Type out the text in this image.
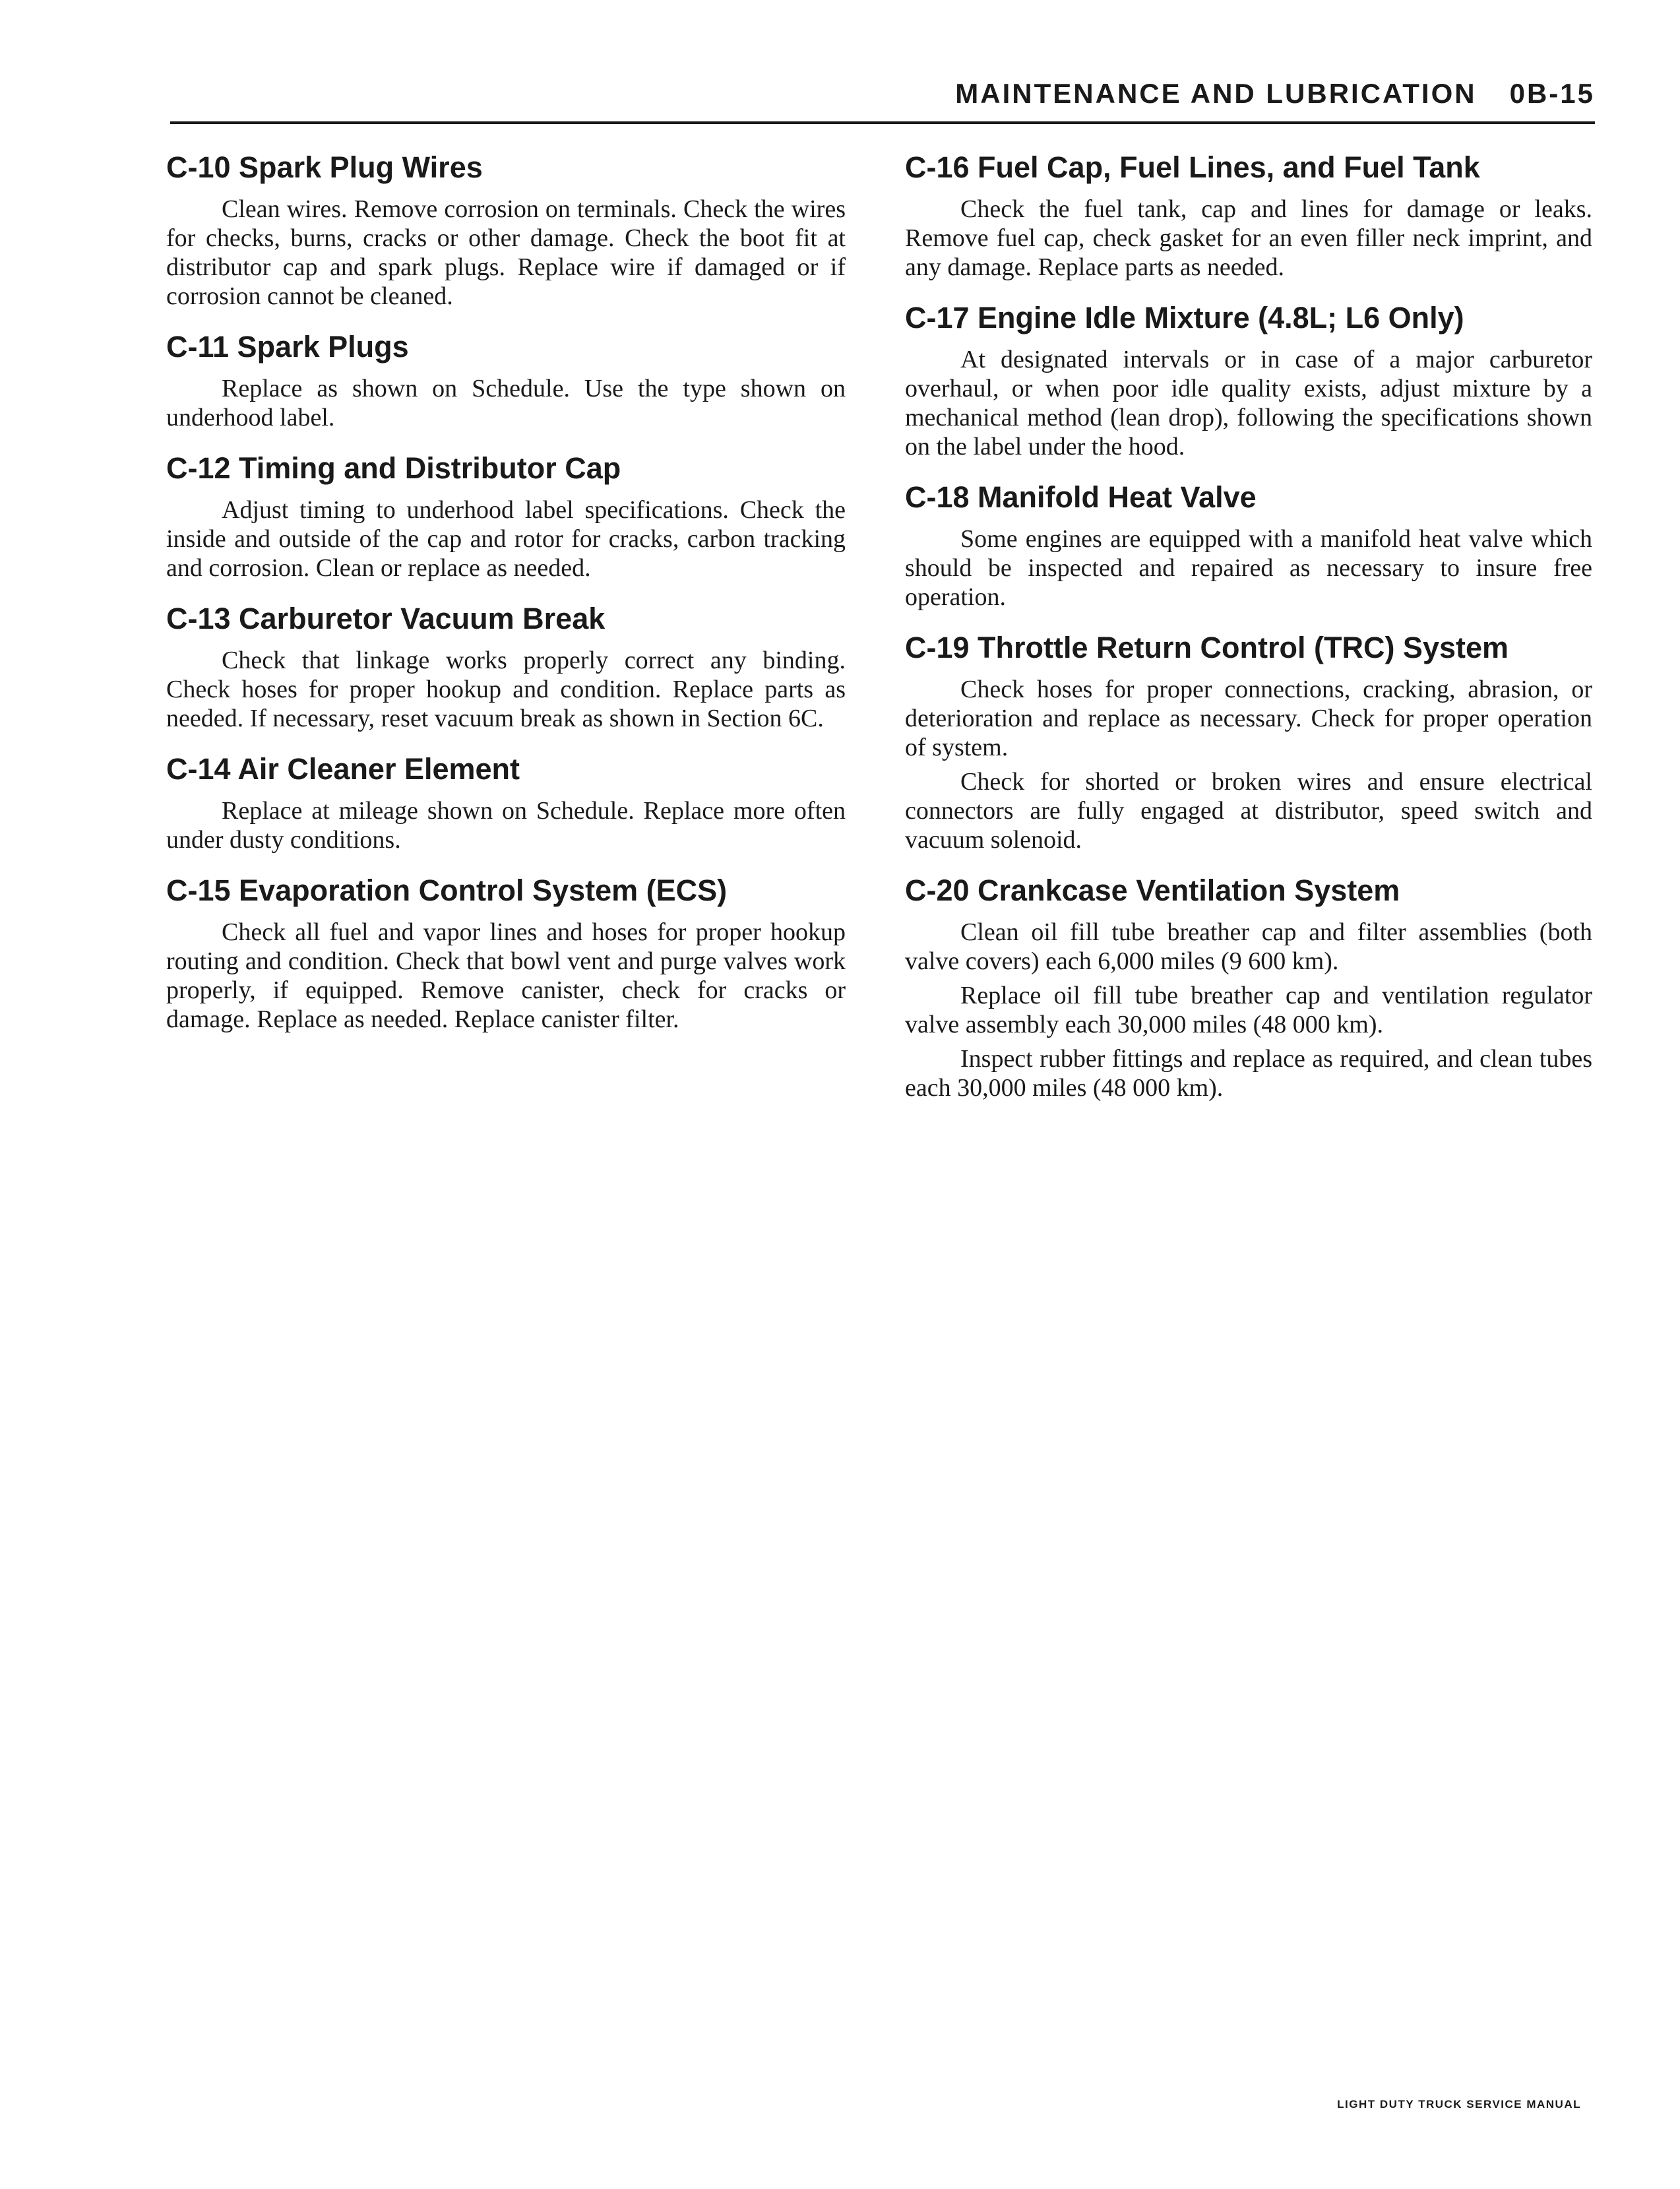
MAINTENANCE AND LUBRICATION 0B-15
C-10 Spark Plug Wires

Clean wires. Remove corrosion on terminals. Check the wires for checks, burns, cracks or other damage. Check the boot fit at distributor cap and spark plugs. Replace wire if damaged or if corrosion cannot be cleaned.

C-11 Spark Plugs

Replace as shown on Schedule. Use the type shown on underhood label.

C-12 Timing and Distributor Cap

Adjust timing to underhood label specifications. Check the inside and outside of the cap and rotor for cracks, carbon tracking and corrosion. Clean or replace as needed.

C-13 Carburetor Vacuum Break

Check that linkage works properly correct any binding. Check hoses for proper hookup and condition. Replace parts as needed. If necessary, reset vacuum break as shown in Section 6C.

C-14 Air Cleaner Element

Replace at mileage shown on Schedule. Replace more often under dusty conditions.

C-15 Evaporation Control System (ECS)

Check all fuel and vapor lines and hoses for proper hookup routing and condition. Check that bowl vent and purge valves work properly, if equipped. Remove canister, check for cracks or damage. Replace as needed. Replace canister filter.

C-16 Fuel Cap, Fuel Lines, and Fuel Tank

Check the fuel tank, cap and lines for damage or leaks. Remove fuel cap, check gasket for an even filler neck imprint, and any damage. Replace parts as needed.

C-17 Engine Idle Mixture (4.8L; L6 Only)

At designated intervals or in case of a major carburetor overhaul, or when poor idle quality exists, adjust mixture by a mechanical method (lean drop), following the specifications shown on the label under the hood.

C-18 Manifold Heat Valve

Some engines are equipped with a manifold heat valve which should be inspected and repaired as necessary to insure free operation.

C-19 Throttle Return Control (TRC) System

Check hoses for proper connections, cracking, abrasion, or deterioration and replace as necessary. Check for proper operation of system.

Check for shorted or broken wires and ensure electrical connectors are fully engaged at distributor, speed switch and vacuum solenoid.

C-20 Crankcase Ventilation System

Clean oil fill tube breather cap and filter assemblies (both valve covers) each 6,000 miles (9 600 km).

Replace oil fill tube breather cap and ventilation regulator valve assembly each 30,000 miles (48 000 km).

Inspect rubber fittings and replace as required, and clean tubes each 30,000 miles (48 000 km).

LIGHT DUTY TRUCK SERVICE MANUAL
